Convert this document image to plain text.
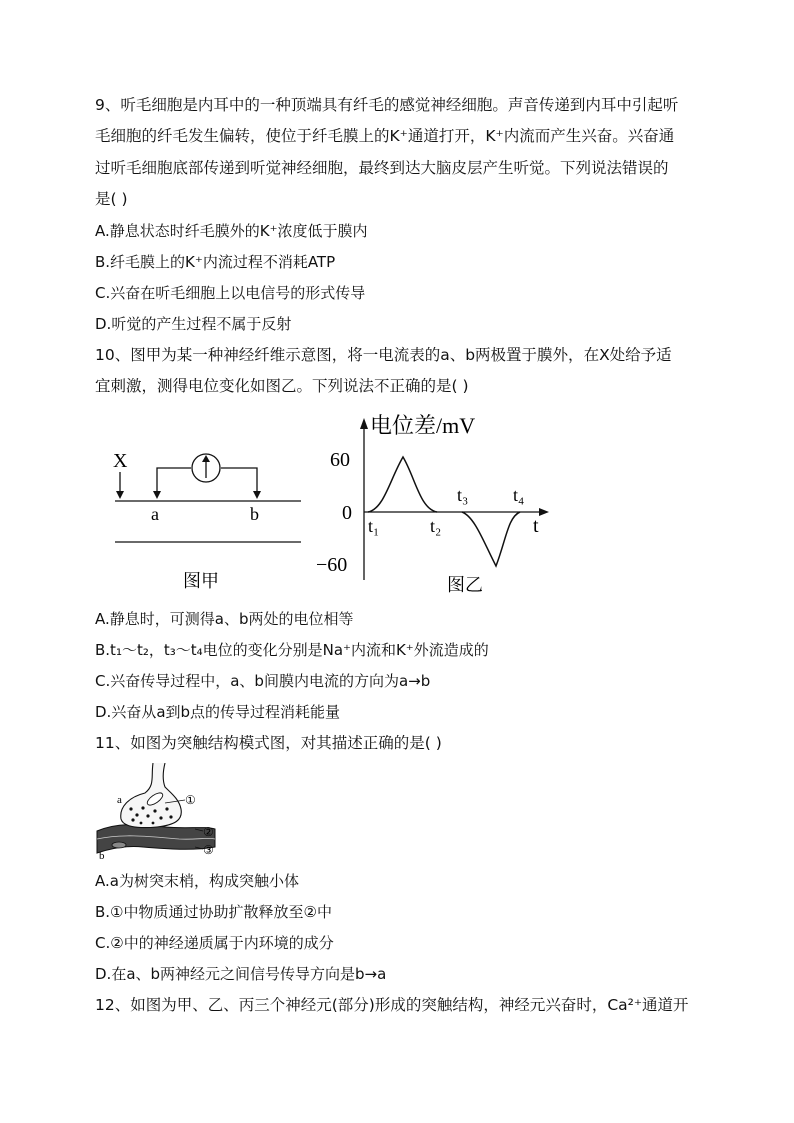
9、听毛细胞是内耳中的一种顶端具有纤毛的感觉神经细胞。声音传递到内耳中引起听
毛细胞的纤毛发生偏转，使位于纤毛膜上的K⁺通道打开，K⁺内流而产生兴奋。兴奋通
过听毛细胞底部传递到听觉神经细胞，最终到达大脑皮层产生听觉。下列说法错误的
是( )
A.静息状态时纤毛膜外的K⁺浓度低于膜内
B.纤毛膜上的K⁺内流过程不消耗ATP
C.兴奋在听毛细胞上以电信号的形式传导
D.听觉的产生过程不属于反射
10、图甲为某一种神经纤维示意图，将一电流表的a、b两极置于膜外，在X处给予适
宜刺激，测得电位变化如图乙。下列说法不正确的是( )
X
a	b
图甲
电位差/mV
60
0
−60
t₁	t₂
t₃ t₄
t
图乙
A.静息时，可测得a、b两处的电位相等
B.t₁～t₂，t₃～t₄电位的变化分别是Na⁺内流和K⁺外流造成的
C.兴奋传导过程中，a、b间膜内电流的方向为a→b
D.兴奋从a到b点的传导过程消耗能量
11、如图为突触结构模式图，对其描述正确的是( )
a
b
①
②
③
A.a为树突末梢，构成突触小体
B.①中物质通过协助扩散释放至②中
C.②中的神经递质属于内环境的成分
D.在a、b两神经元之间信号传导方向是b→a
12、如图为甲、乙、丙三个神经元(部分)形成的突触结构，神经元兴奋时，Ca²⁺通道开
